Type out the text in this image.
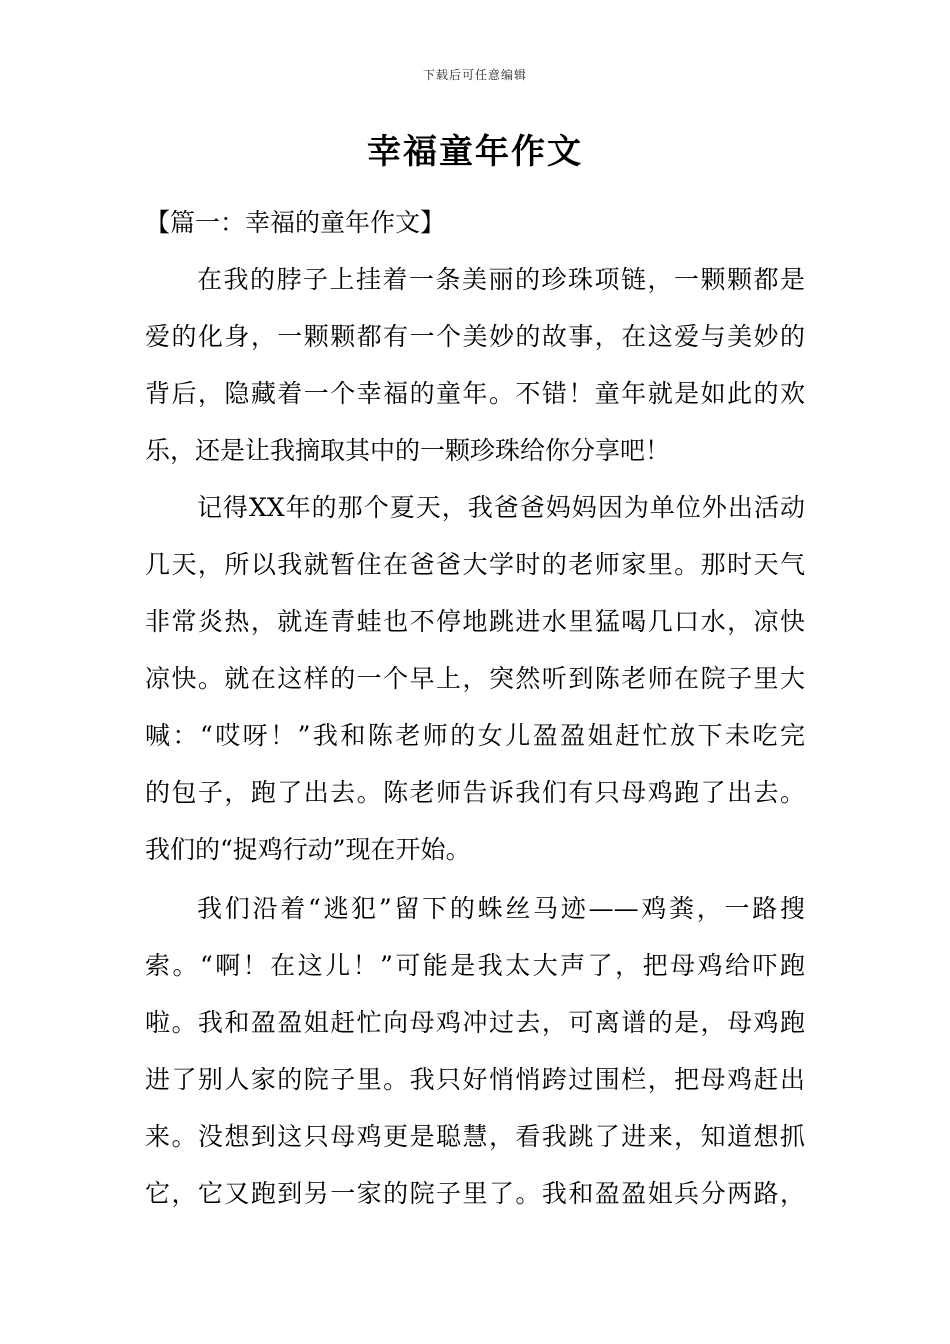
下载后可任意编辑
幸福童年作文
【篇一：幸福的童年作文】
在我的脖子上挂着一条美丽的珍珠项链，一颗颗都是
爱的化身，一颗颗都有一个美妙的故事，在这爱与美妙的
背后，隐藏着一个幸福的童年。不错！童年就是如此的欢
乐，还是让我摘取其中的一颗珍珠给你分享吧！
记得XX年的那个夏天，我爸爸妈妈因为单位外出活动
几天，所以我就暂住在爸爸大学时的老师家里。那时天气
非常炎热，就连青蛙也不停地跳进水里猛喝几口水，凉快
凉快。就在这样的一个早上，突然听到陈老师在院子里大
喊：“哎呀！”我和陈老师的女儿盈盈姐赶忙放下未吃完
的包子，跑了出去。陈老师告诉我们有只母鸡跑了出去。
我们的“捉鸡行动”现在开始。
我们沿着“逃犯”留下的蛛丝马迹——鸡粪，一路搜
索。“啊！在这儿！”可能是我太大声了，把母鸡给吓跑
啦。我和盈盈姐赶忙向母鸡冲过去，可离谱的是，母鸡跑
进了别人家的院子里。我只好悄悄跨过围栏，把母鸡赶出
来。没想到这只母鸡更是聪慧，看我跳了进来，知道想抓
它，它又跑到另一家的院子里了。我和盈盈姐兵分两路，
